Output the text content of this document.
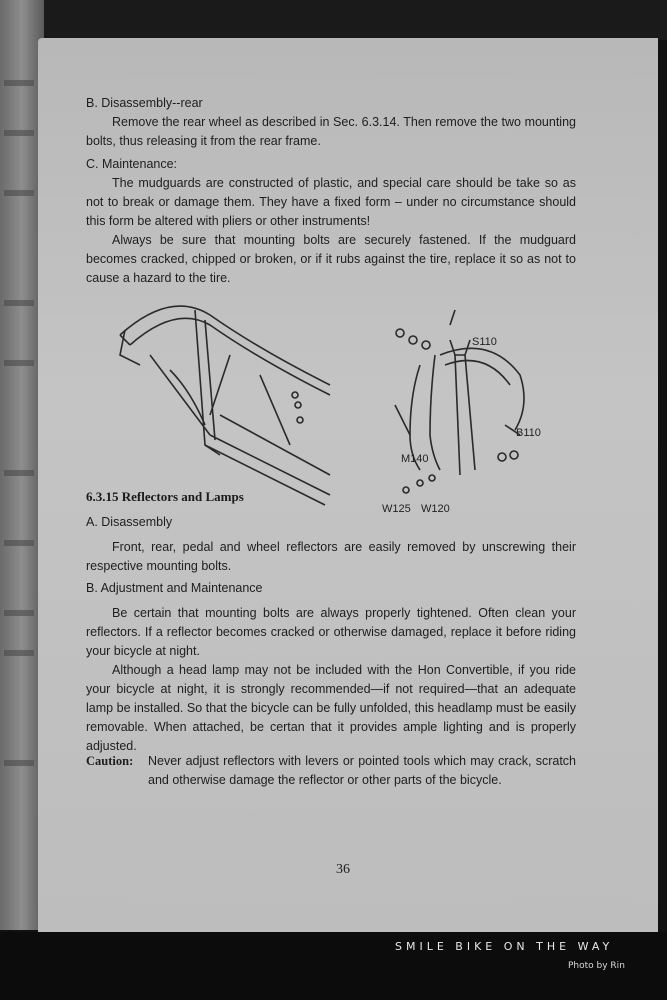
B. Disassembly--rear

Remove the rear wheel as described in Sec. 6.3.14. Then remove the two mounting bolts, thus releasing it from the rear frame.

C. Maintenance:

The mudguards are constructed of plastic, and special care should be take so as not to break or damage them. They have a fixed form – under no circumstance should this form be altered with pliers or other instruments!

Always be sure that mounting bolts are securely fastened. If the mudguard becomes cracked, chipped or broken, or if it rubs against the tire, replace it so as not to cause a hazard to the tire.

S110
B110
M140
W125 W120
6.3.15 Reflectors and Lamps

A. Disassembly

Front, rear, pedal and wheel reflectors are easily removed by unscrewing their respective mounting bolts.

B. Adjustment and Maintenance

Be certain that mounting bolts are always properly tightened. Often clean your reflectors. If a reflector becomes cracked or otherwise damaged, replace it before riding your bicycle at night.

Although a head lamp may not be included with the Hon Convertible, if you ride your bicycle at night, it is strongly recommended—if not required—that an adequate lamp be installed. So that the bicycle can be fully unfolded, this headlamp must be easily removable. When attached, be certan that it provides ample lighting and is properly adjusted.

Caution:	Never adjust reflectors with levers or pointed tools which may crack, scratch and otherwise damage the reflector or other parts of the bicycle.

36
SMILE BIKE ON THE WAY
Photo by Rin
